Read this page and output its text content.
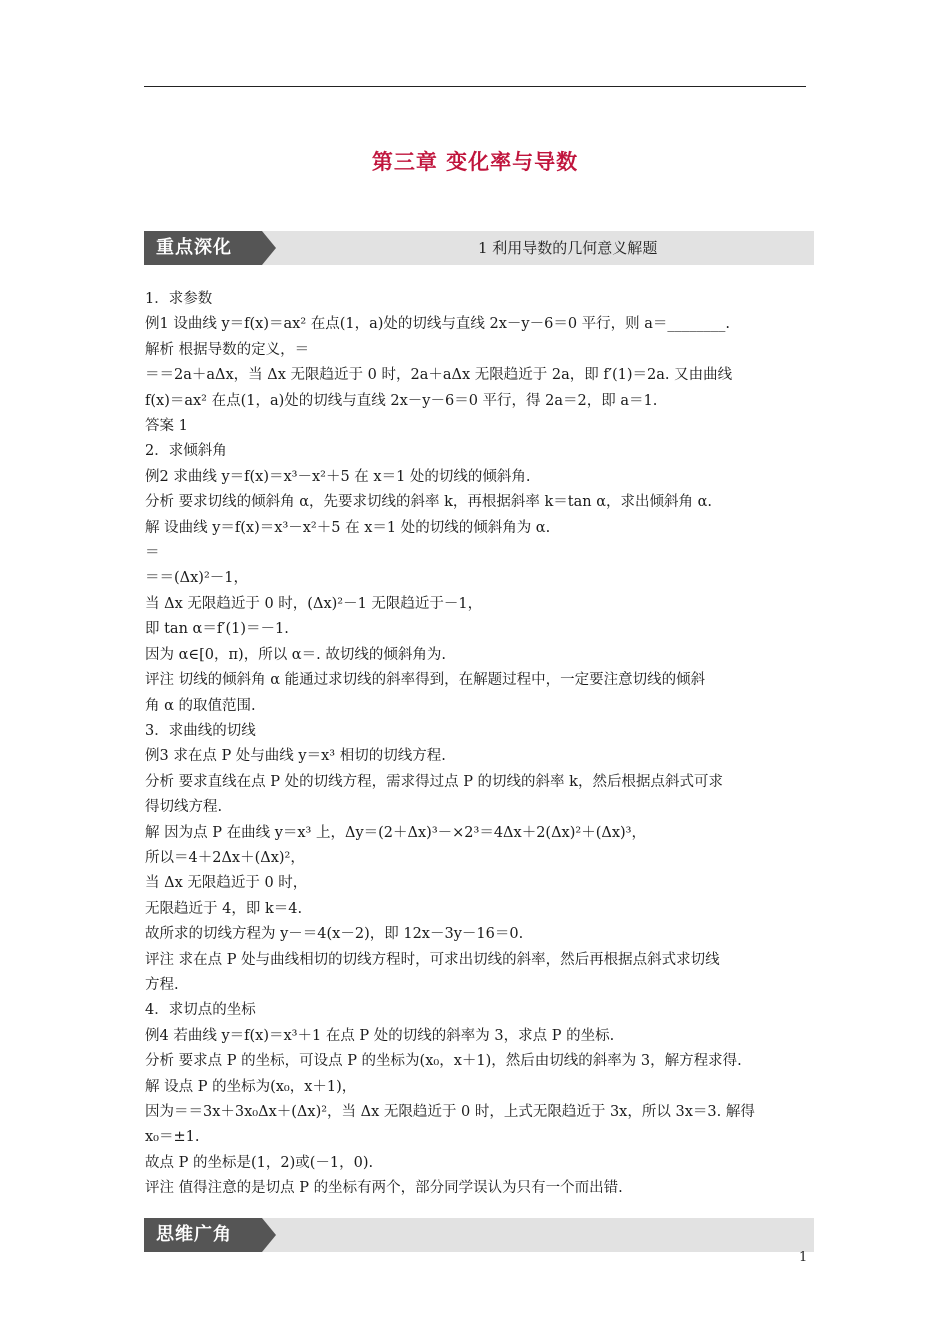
第三章 变化率与导数
重点深化	1 利用导数的几何意义解题

1．求参数

例1 设曲线 y＝f(x)＝ax² 在点(1，a)处的切线与直线 2x－y－6＝0 平行，则 a＝________.

解析 根据导数的定义，＝

＝＝2a＋aΔx，当 Δx 无限趋近于 0 时，2a＋aΔx 无限趋近于 2a，即 f′(1)＝2a. 又由曲线

f(x)＝ax² 在点(1，a)处的切线与直线 2x－y－6＝0 平行，得 2a＝2，即 a＝1.

答案 1

2．求倾斜角

例2 求曲线 y＝f(x)＝x³－x²＋5 在 x＝1 处的切线的倾斜角.

分析 要求切线的倾斜角 α，先要求切线的斜率 k，再根据斜率 k＝tan α，求出倾斜角 α.

解 设曲线 y＝f(x)＝x³－x²＋5 在 x＝1 处的切线的倾斜角为 α.

＝

＝＝(Δx)²－1，

当 Δx 无限趋近于 0 时，(Δx)²－1 无限趋近于－1，

即 tan α＝f′(1)＝－1.

因为 α∈[0，π)，所以 α＝. 故切线的倾斜角为.

评注 切线的倾斜角 α 能通过求切线的斜率得到，在解题过程中，一定要注意切线的倾斜

角 α 的取值范围.

3．求曲线的切线

例3 求在点 P 处与曲线 y＝x³ 相切的切线方程.

分析 要求直线在点 P 处的切线方程，需求得过点 P 的切线的斜率 k，然后根据点斜式可求

得切线方程.

解 因为点 P 在曲线 y＝x³ 上，Δy＝(2＋Δx)³－×2³＝4Δx＋2(Δx)²＋(Δx)³，

所以＝4＋2Δx＋(Δx)²，

当 Δx 无限趋近于 0 时，

无限趋近于 4，即 k＝4.

故所求的切线方程为 y－＝4(x－2)，即 12x－3y－16＝0.

评注 求在点 P 处与曲线相切的切线方程时，可求出切线的斜率，然后再根据点斜式求切线

方程.

4．求切点的坐标

例4 若曲线 y＝f(x)＝x³＋1 在点 P 处的切线的斜率为 3，求点 P 的坐标.

分析 要求点 P 的坐标，可设点 P 的坐标为(x₀，x＋1)，然后由切线的斜率为 3，解方程求得.

解 设点 P 的坐标为(x₀，x＋1)，

因为＝＝3x＋3x₀Δx＋(Δx)²，当 Δx 无限趋近于 0 时，上式无限趋近于 3x，所以 3x＝3. 解得

x₀＝±1.

故点 P 的坐标是(1，2)或(－1，0).

评注 值得注意的是切点 P 的坐标有两个，部分同学误认为只有一个而出错.

思维广角
1
